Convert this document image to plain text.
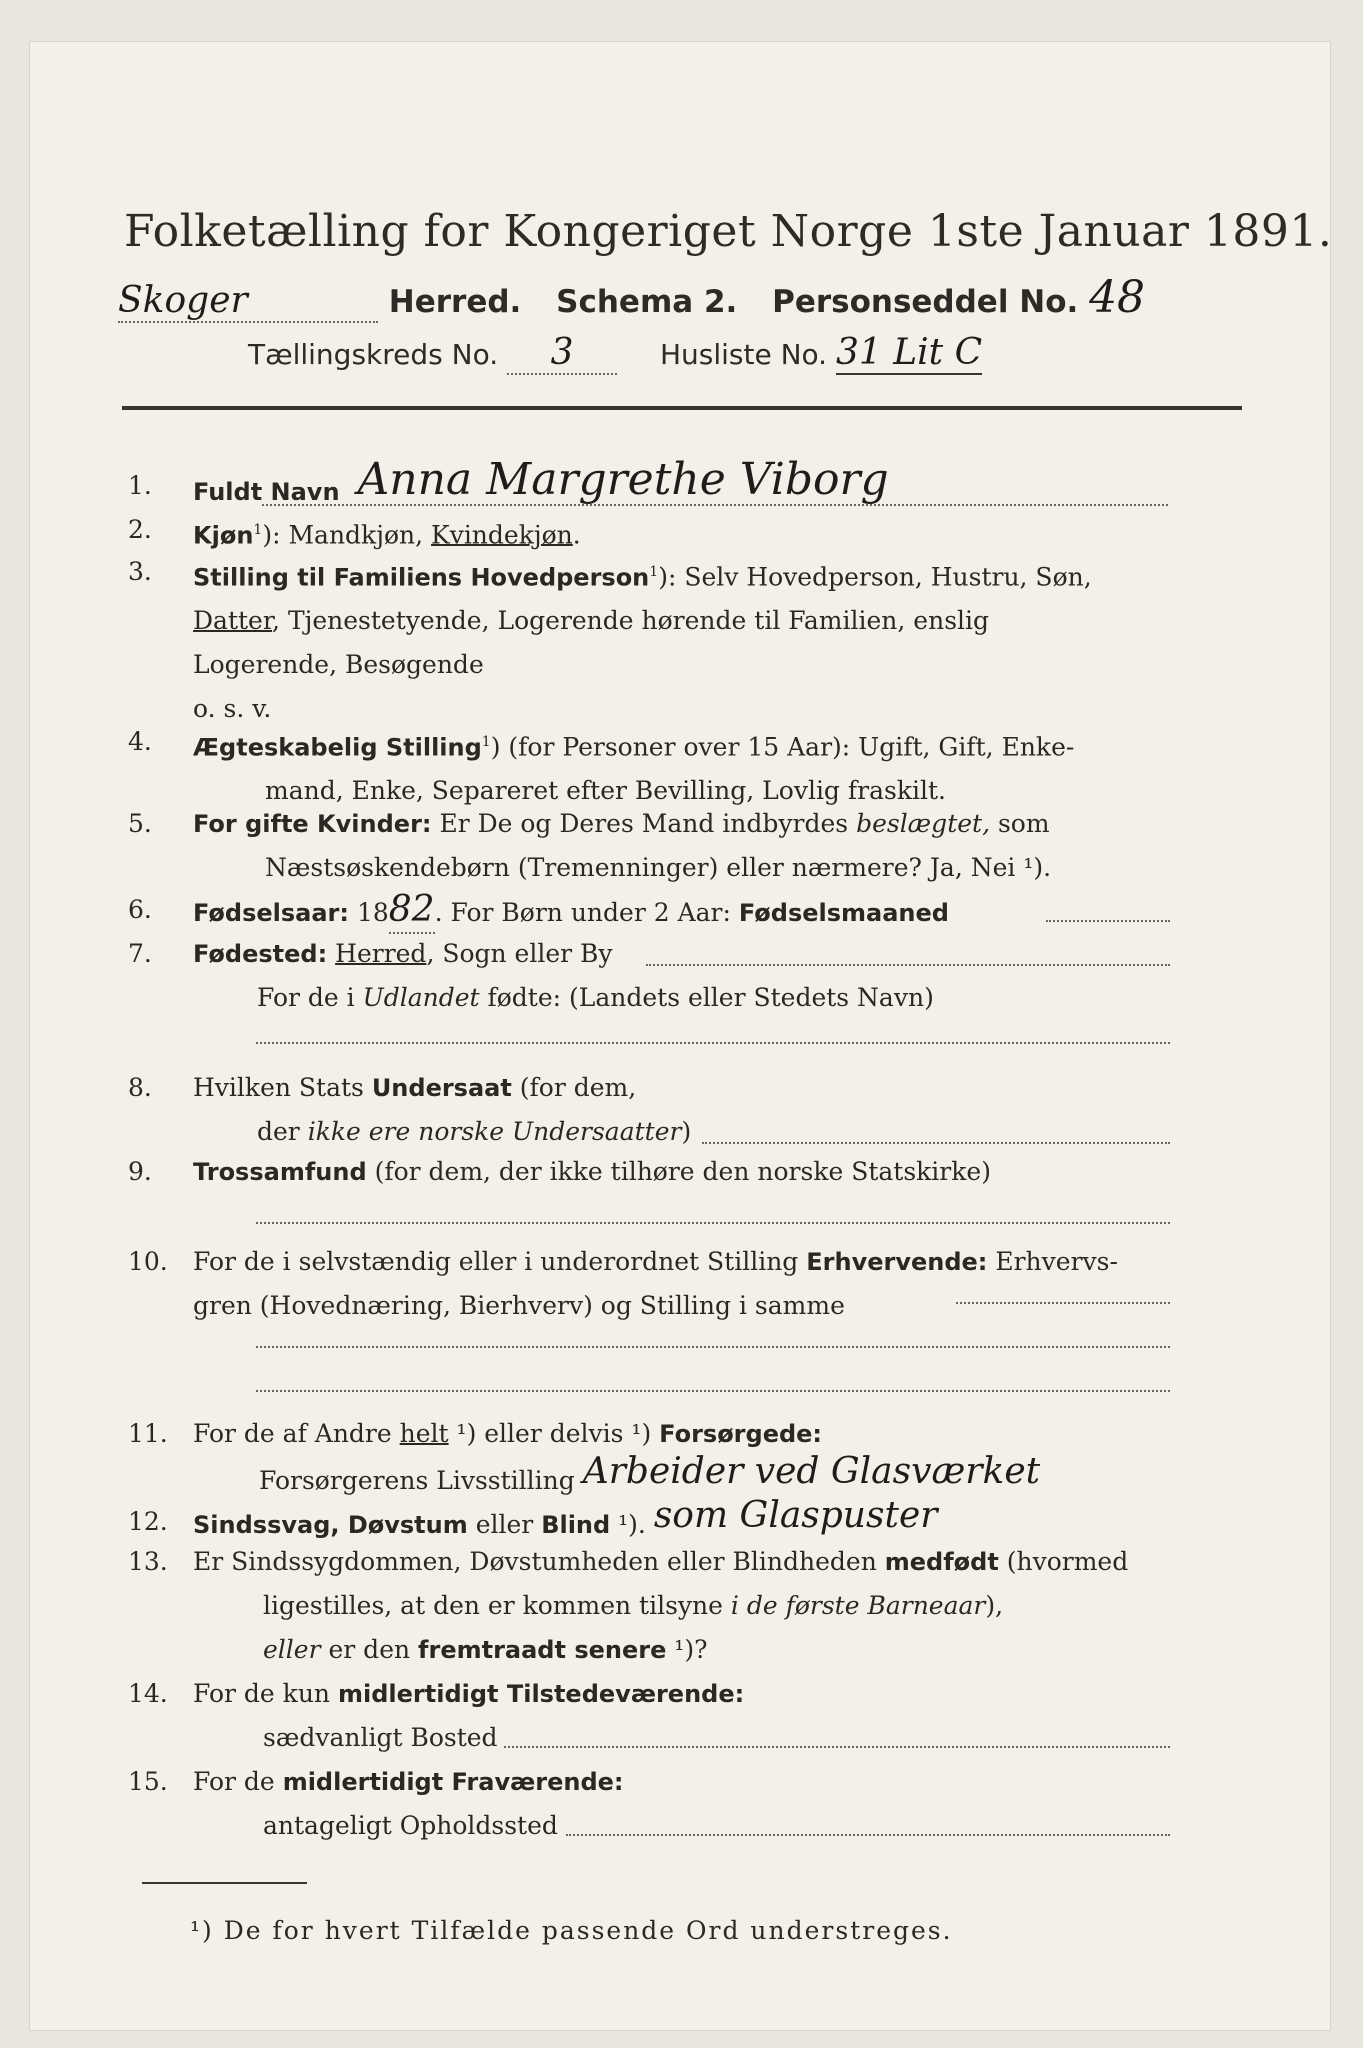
Folketælling for Kongeriget Norge 1ste Januar 1891.
Skoger	Herred. Schema 2. Personseddel No. 48
Tællingskreds No. 3	Husliste No. 31 Lit C
1.	Fuldt Navn Anna Margrethe Viborg
2.	Kjøn$^1$): Mandkjøn, Kvindekjøn.
3.	Stilling til Familiens Hovedperson$^1$): Selv Hovedperson, Hustru, Søn,
Datter, Tjenestetyende, Logerende hørende til Familien, enslig
Logerende, Besøgende
o. s. v.
4.	Ægteskabelig Stilling$^1$) (for Personer over 15 Aar): Ugift, Gift, Enke-
mand, Enke, Separeret efter Bevilling, Lovlig fraskilt.
5.	For gifte Kvinder: Er De og Deres Mand indbyrdes beslægtet, som
Næstsøskendebørn (Tremenninger) eller nærmere? Ja, Nei ¹).
6.	Fødselsaar: 1882. For Børn under 2 Aar: Fødselsmaaned
7.	Fødested: Herred, Sogn eller By
For de i Udlandet fødte: (Landets eller Stedets Navn)
8.	Hvilken Stats Undersaat (for dem,
der ikke ere norske Undersaatter)
9.	Trossamfund (for dem, der ikke tilhøre den norske Statskirke)
10.	For de i selvstændig eller i underordnet Stilling Erhvervende: Erhvervs-
gren (Hovednæring, Bierhverv) og Stilling i samme
11.	For de af Andre helt ¹) eller delvis ¹) Forsørgede:
Forsørgerens Livsstilling Arbeider ved Glasværket
12.	Sindssvag, Døvstum eller Blind ¹). som Glaspuster
13.	Er Sindssygdommen, Døvstumheden eller Blindheden medfødt (hvormed
ligestilles, at den er kommen tilsyne i de første Barneaar),
eller er den fremtraadt senere ¹)?
14.	For de kun midlertidigt Tilstedeværende:
sædvanligt Bosted
15.	For de midlertidigt Fraværende:
antageligt Opholdssted
¹) De for hvert Tilfælde passende Ord understreges.
